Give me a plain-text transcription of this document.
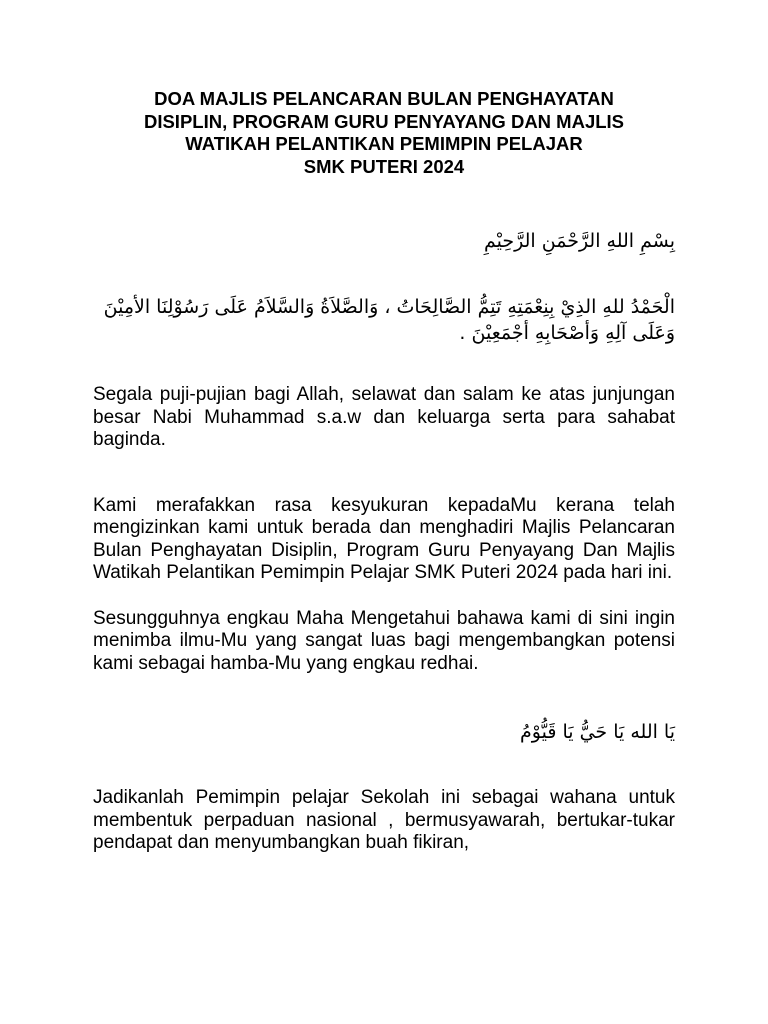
DOA MAJLIS PELANCARAN BULAN PENGHAYATAN
DISIPLIN, PROGRAM GURU PENYAYANG DAN MAJLIS
WATIKAH PELANTIKAN PEMIMPIN PELAJAR
SMK PUTERI 2024

بِسْمِ اللهِ الرَّحْمَنِ الرَّحِيْمِ

الْحَمْدُ للهِ الذِيْ بِنِعْمَتِهِ تَتِمُّ الصَّالِحَاتُ ، وَالصَّلاَةُ وَالسَّلاَمُ عَلَى رَسُوْلِنَا الأمِيْنَ وَعَلَى آلِهِ وَأصْحَابِهِ أجْمَعِيْنَ .

Segala puji-pujian bagi Allah, selawat dan salam ke atas junjungan besar Nabi Muhammad s.a.w dan keluarga serta para sahabat baginda.

Kami merafakkan rasa kesyukuran kepadaMu kerana telah mengizinkan kami untuk berada dan menghadiri Majlis Pelancaran Bulan Penghayatan Disiplin, Program Guru Penyayang Dan Majlis Watikah Pelantikan Pemimpin Pelajar SMK Puteri 2024 pada hari ini.

Sesungguhnya engkau Maha Mengetahui bahawa kami di sini ingin menimba ilmu-Mu yang sangat luas bagi mengembangkan potensi kami sebagai hamba-Mu yang engkau redhai.

يَا الله يَا حَيُّ يَا قَيُّوْمُ

Jadikanlah Pemimpin pelajar Sekolah ini sebagai wahana untuk membentuk perpaduan nasional , bermusyawarah, bertukar-tukar pendapat dan menyumbangkan buah fikiran,
